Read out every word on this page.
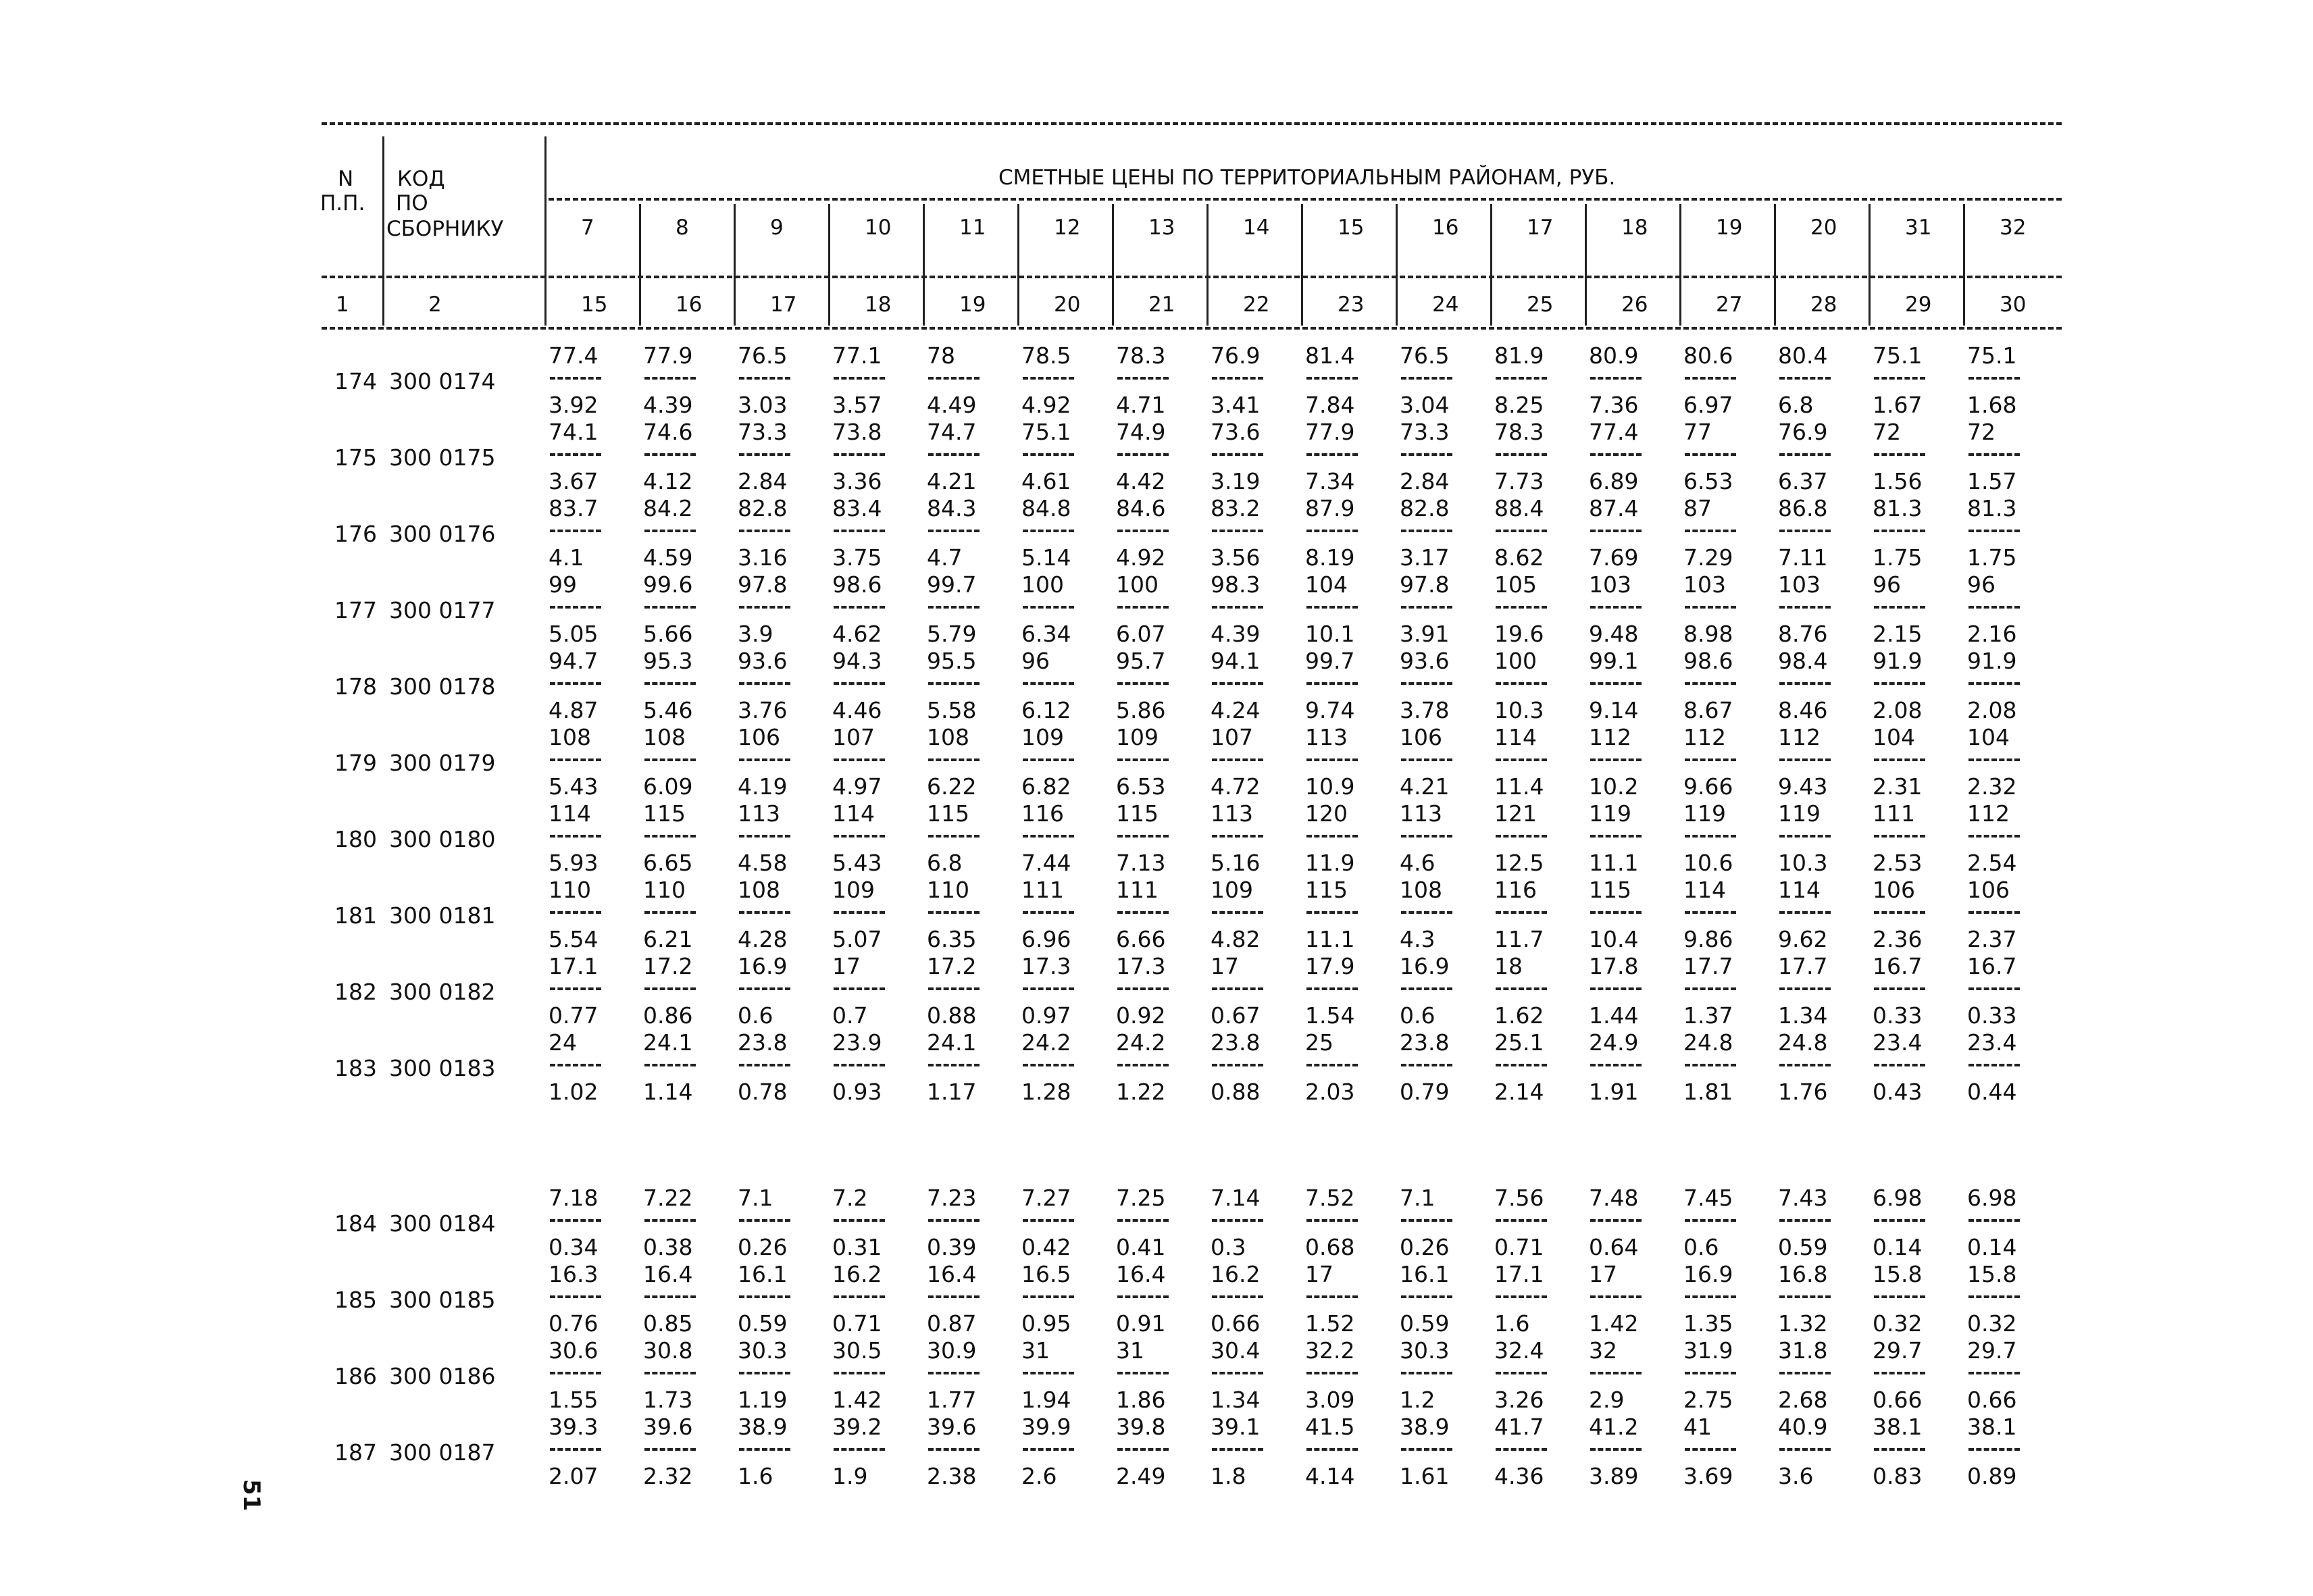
N
П.П.
КОД
ПО
СБОРНИКУ
СМЕТНЫЕ ЦЕНЫ ПО ТЕРРИТОРИАЛЬНЫМ РАЙОНАМ, РУБ.
1	2
7
15
8
16
9
17
10
18
11
19
12
20
13
21
14
22
15
23
16
24
17
25
18
26
19
27
20
28
31
29
32
30
174 300 0174
77.4
3.92
77.9
4.39
76.5
3.03
77.1
3.57
78
4.49
78.5
4.92
78.3
4.71
76.9
3.41
81.4
7.84
76.5
3.04
81.9
8.25
80.9
7.36
80.6
6.97
80.4
6.8
75.1
1.67
75.1
1.68
175 300 0175
74.1
3.67
74.6
4.12
73.3
2.84
73.8
3.36
74.7
4.21
75.1
4.61
74.9
4.42
73.6
3.19
77.9
7.34
73.3
2.84
78.3
7.73
77.4
6.89
77
6.53
76.9
6.37
72
1.56
72
1.57
176 300 0176
83.7
4.1
84.2
4.59
82.8
3.16
83.4
3.75
84.3
4.7
84.8
5.14
84.6
4.92
83.2
3.56
87.9
8.19
82.8
3.17
88.4
8.62
87.4
7.69
87
7.29
86.8
7.11
81.3
1.75
81.3
1.75
177 300 0177
99
5.05
99.6
5.66
97.8
3.9
98.6
4.62
99.7
5.79
100
6.34
100
6.07
98.3
4.39
104
10.1
97.8
3.91
105
19.6
103
9.48
103
8.98
103
8.76
96
2.15
96
2.16
178 300 0178
94.7
4.87
95.3
5.46
93.6
3.76
94.3
4.46
95.5
5.58
96
6.12
95.7
5.86
94.1
4.24
99.7
9.74
93.6
3.78
100
10.3
99.1
9.14
98.6
8.67
98.4
8.46
91.9
2.08
91.9
2.08
179 300 0179
108
5.43
108
6.09
106
4.19
107
4.97
108
6.22
109
6.82
109
6.53
107
4.72
113
10.9
106
4.21
114
11.4
112
10.2
112
9.66
112
9.43
104
2.31
104
2.32
180 300 0180
114
5.93
115
6.65
113
4.58
114
5.43
115
6.8
116
7.44
115
7.13
113
5.16
120
11.9
113
4.6
121
12.5
119
11.1
119
10.6
119
10.3
111
2.53
112
2.54
181 300 0181
110
5.54
110
6.21
108
4.28
109
5.07
110
6.35
111
6.96
111
6.66
109
4.82
115
11.1
108
4.3
116
11.7
115
10.4
114
9.86
114
9.62
106
2.36
106
2.37
182 300 0182
17.1
0.77
17.2
0.86
16.9
0.6
17
0.7
17.2
0.88
17.3
0.97
17.3
0.92
17
0.67
17.9
1.54
16.9
0.6
18
1.62
17.8
1.44
17.7
1.37
17.7
1.34
16.7
0.33
16.7
0.33
183 300 0183
24
1.02
24.1
1.14
23.8
0.78
23.9
0.93
24.1
1.17
24.2
1.28
24.2
1.22
23.8
0.88
25
2.03
23.8
0.79
25.1
2.14
24.9
1.91
24.8
1.81
24.8
1.76
23.4
0.43
23.4
0.44
184 300 0184
7.18
0.34
7.22
0.38
7.1
0.26
7.2
0.31
7.23
0.39
7.27
0.42
7.25
0.41
7.14
0.3
7.52
0.68
7.1
0.26
7.56
0.71
7.48
0.64
7.45
0.6
7.43
0.59
6.98
0.14
6.98
0.14
185 300 0185
16.3
0.76
16.4
0.85
16.1
0.59
16.2
0.71
16.4
0.87
16.5
0.95
16.4
0.91
16.2
0.66
17
1.52
16.1
0.59
17.1
1.6
17
1.42
16.9
1.35
16.8
1.32
15.8
0.32
15.8
0.32
186 300 0186
30.6
1.55
30.8
1.73
30.3
1.19
30.5
1.42
30.9
1.77
31
1.94
31
1.86
30.4
1.34
32.2
3.09
30.3
1.2
32.4
3.26
32
2.9
31.9
2.75
31.8
2.68
29.7
0.66
29.7
0.66
187 300 0187
39.3
2.07
39.6
2.32
38.9
1.6
39.2
1.9
39.6
2.38
39.9
2.6
39.8
2.49
39.1
1.8
41.5
4.14
38.9
1.61
41.7
4.36
41.2
3.89
41
3.69
40.9
3.6
38.1
0.83
38.1
0.89
51
